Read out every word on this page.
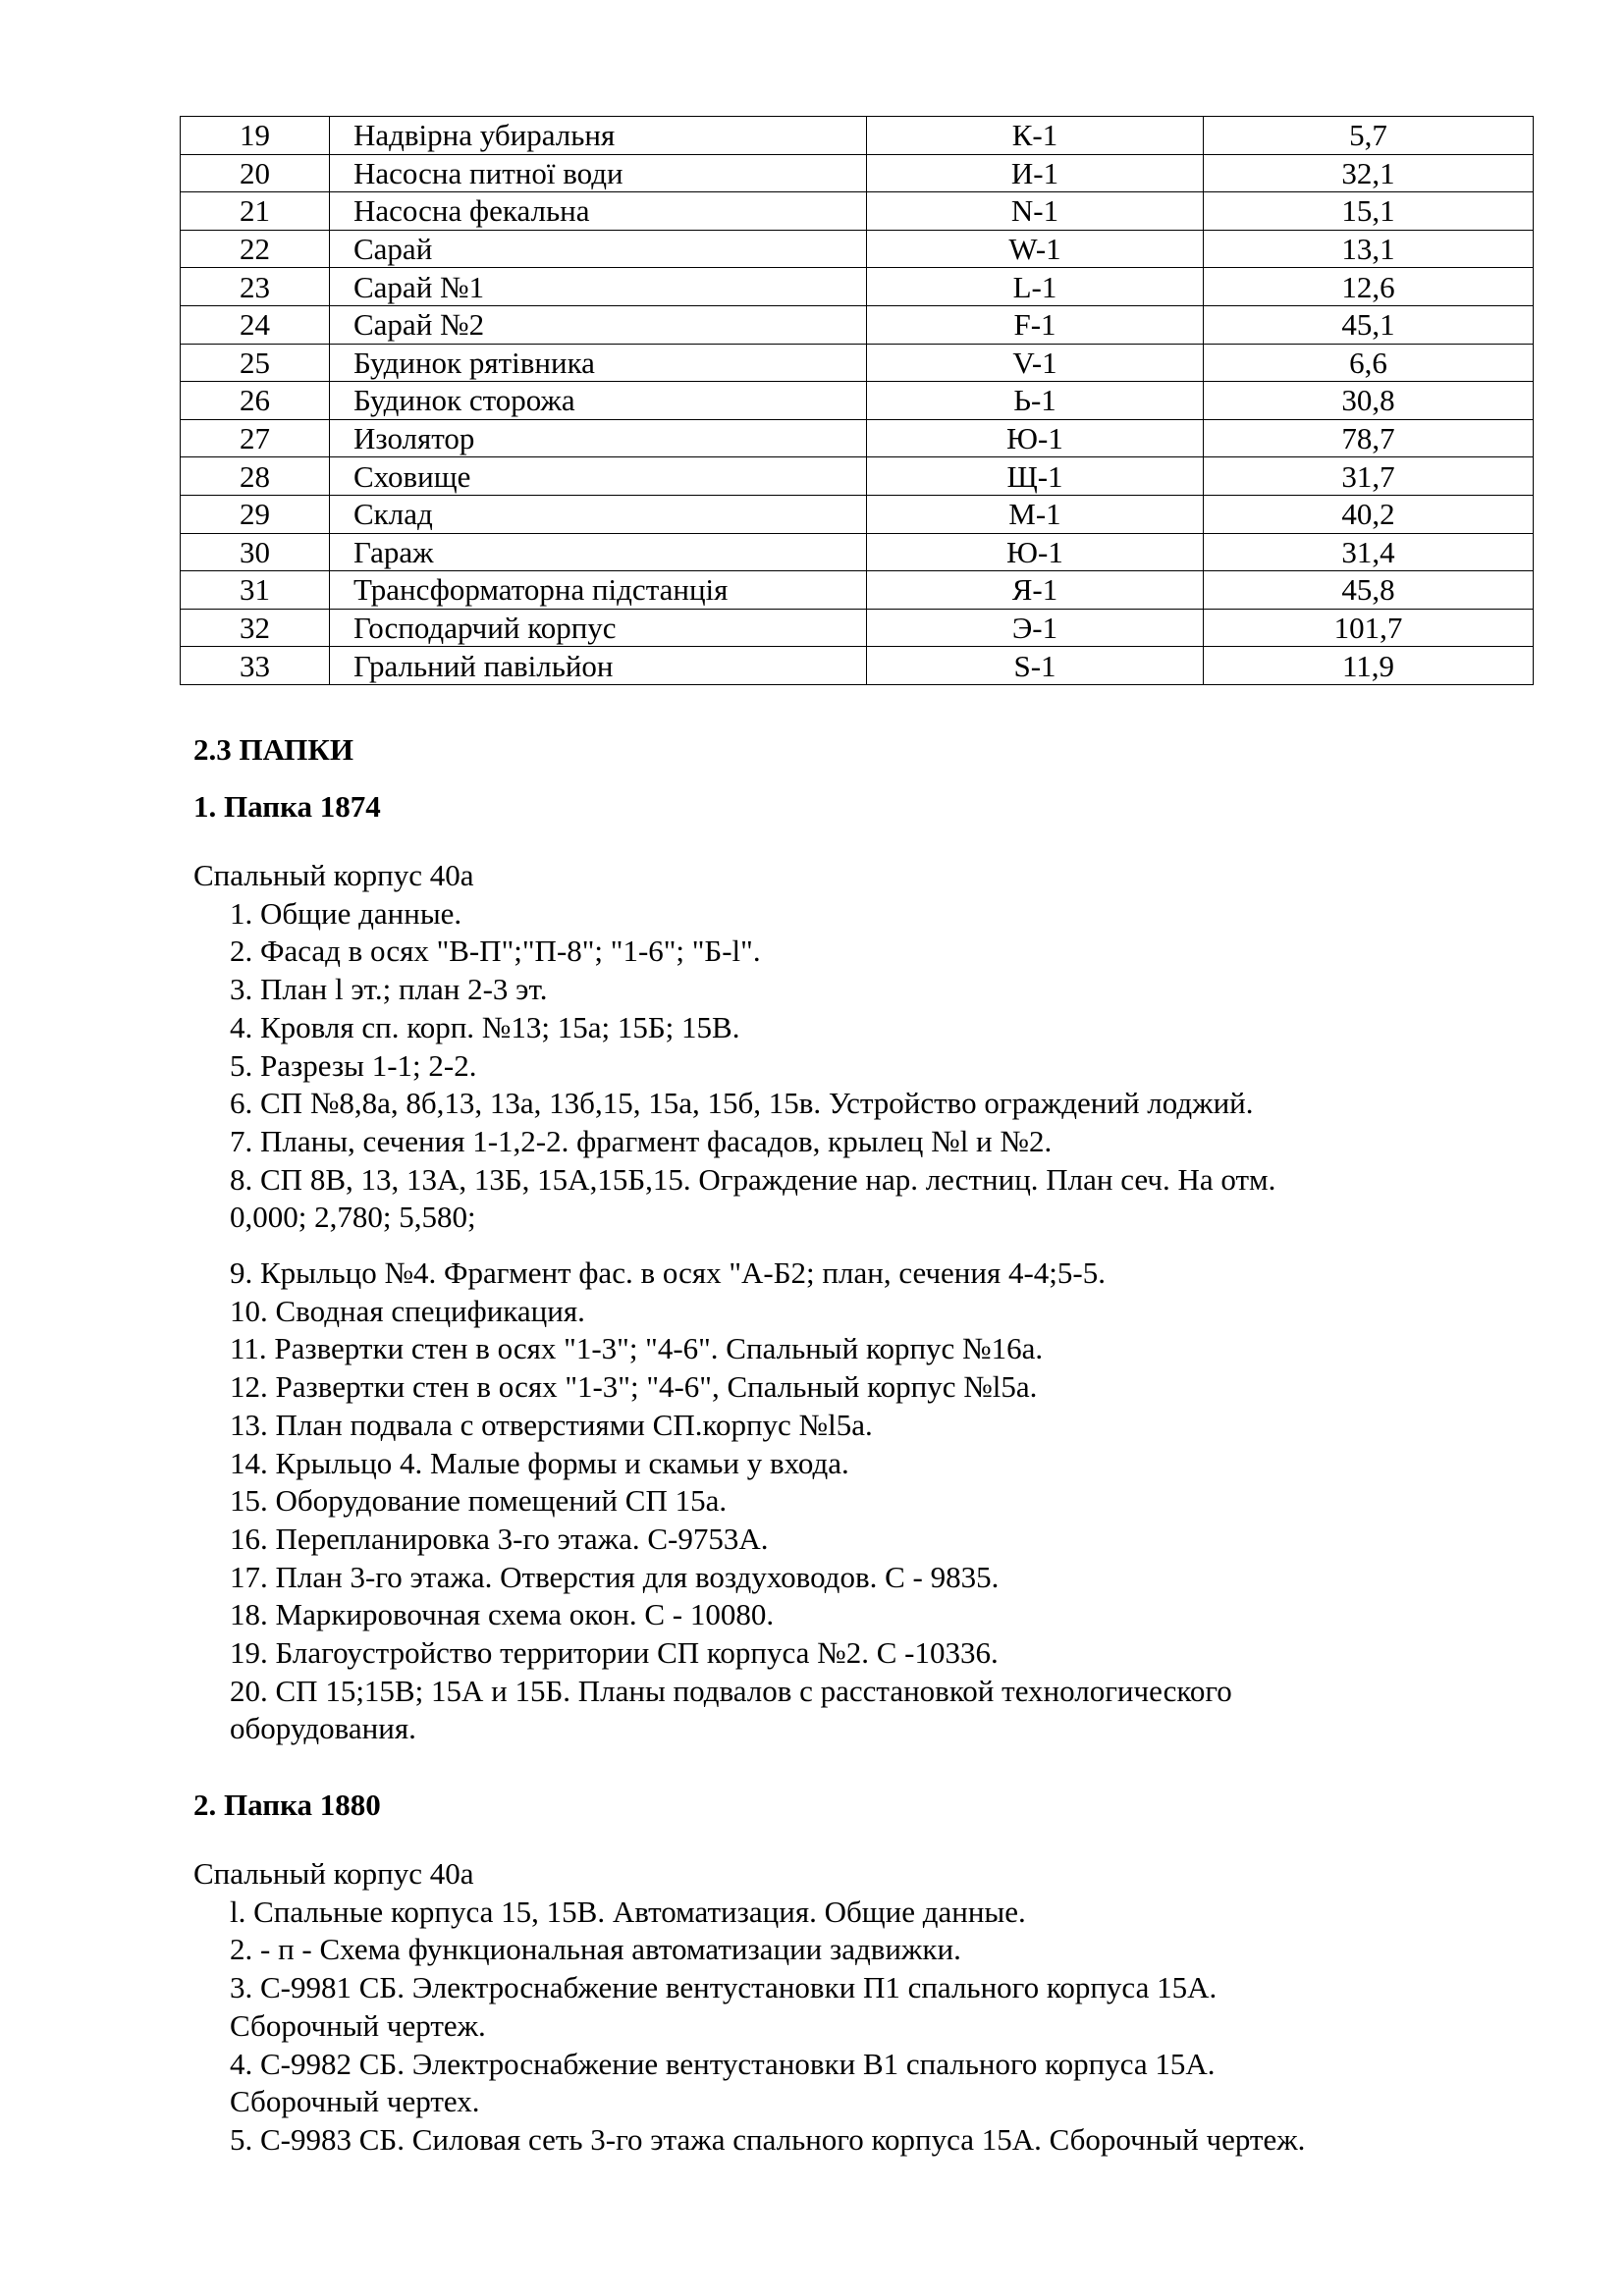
19	Надвірна убиральня	К-1	5,7
20	Насосна питної води	И-1	32,1
21	Насосна фекальна	N-1	15,1
22	Сарай	W-1	13,1
23	Сарай №1	L-1	12,6
24	Сарай №2	F-1	45,1
25	Будинок рятівника	V-1	6,6
26	Будинок сторожа	Ь-1	30,8
27	Изолятор	Ю-1	78,7
28	Сховище	Щ-1	31,7
29	Склад	М-1	40,2
30	Гараж	Ю-1	31,4
31	Трансформаторна підстанція	Я-1	45,8
32	Господарчий корпус	Э-1	101,7
33	Гральний павільйон	S-1	11,9
2.3 ПАПКИ
1. Папка 1874
Спальный корпус 40а
1. Общие данные.
2. Фасад в осях "В-П";"П-8"; "1-6"; "Б-l".
3. План l эт.; план 2-3 эт.
4. Кровля сп. корп. №13; 15а; 15Б; 15В.
5. Разрезы 1-1; 2-2.
6. СП №8,8а, 8б,13, 13а, 13б,15, 15а, 15б, 15в. Устройство ограждений лоджий.
7. Планы, сечения 1-1,2-2. фрагмент фасадов, крылец №l и №2.
8. СП 8В, 13, 13А, 13Б, 15А,15Б,15. Ограждение нар. лестниц. План сеч. На отм.
0,000; 2,780; 5,580;
9. Крыльцо №4. Фрагмент фас. в осях "А-Б2; план, сечения 4-4;5-5.
10. Сводная спецификация.
11. Развертки стен в осях "1-3"; "4-6". Спальный корпус №16а.
12. Развертки стен в осях "1-3"; "4-6", Спальный корпус №l5а.
13. План подвала с отверстиями СП.корпус №l5a.
14. Крыльцо 4. Малые формы и скамьи у входа.
15. Оборудование помещений СП 15а.
16. Перепланировка 3-го этажа. С-9753А.
17. План 3-го этажа. Отверстия для воздуховодов. С - 9835.
18. Маркировочная схема окон. С - 10080.
19. Благоустройство территории СП корпуса №2. С -10336.
20. СП 15;15В; 15А и 15Б. Планы подвалов с расстановкой технологического
оборудования.
2. Папка 1880
Спальный корпус 40а
l. Спальные корпуса 15, 15В. Автоматизация. Общие данные.
2. - п - Схема функциональная автоматизации задвижки.
3. С-9981 СБ. Электроснабжение вентустановки П1 спального корпуса 15А.
Сборочный чертеж.
4. С-9982 СБ. Электроснабжение вентустановки В1 спального корпуса 15А.
Сборочный чертех.
5. С-9983 СБ. Силовая сеть 3-го этажа спального корпуса 15А. Сборочный чертеж.
